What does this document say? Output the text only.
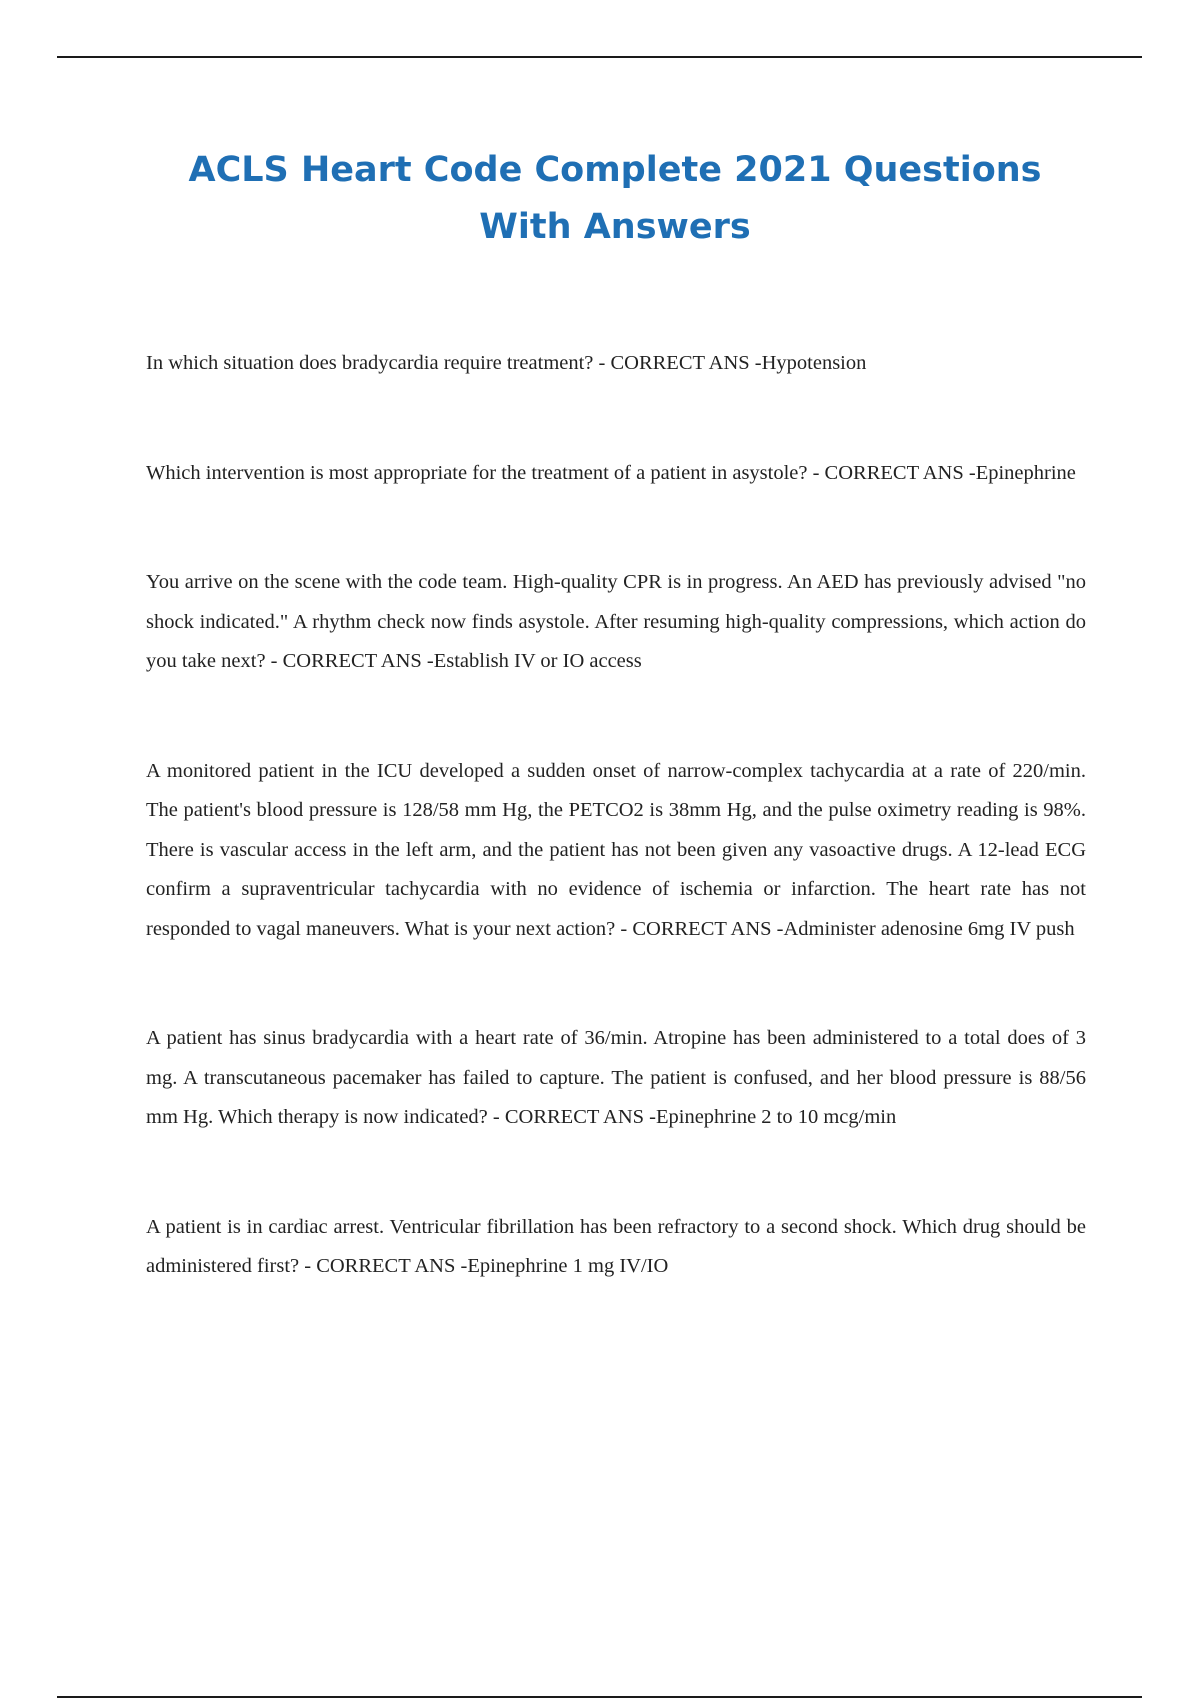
ACLS Heart Code Complete 2021 Questions With Answers

In which situation does bradycardia require treatment? - CORRECT ANS -Hypotension

Which intervention is most appropriate for the treatment of a patient in asystole? - CORRECT ANS -Epinephrine

You arrive on the scene with the code team. High-quality CPR is in progress. An AED has previously advised "no shock indicated." A rhythm check now finds asystole. After resuming high-quality compressions, which action do you take next? - CORRECT ANS -Establish IV or IO access

A monitored patient in the ICU developed a sudden onset of narrow-complex tachycardia at a rate of 220/min. The patient's blood pressure is 128/58 mm Hg, the PETCO2 is 38mm Hg, and the pulse oximetry reading is 98%. There is vascular access in the left arm, and the patient has not been given any vasoactive drugs. A 12-lead ECG confirm a supraventricular tachycardia with no evidence of ischemia or infarction. The heart rate has not responded to vagal maneuvers. What is your next action? - CORRECT ANS -Administer adenosine 6mg IV push

A patient has sinus bradycardia with a heart rate of 36/min. Atropine has been administered to a total does of 3 mg. A transcutaneous pacemaker has failed to capture. The patient is confused, and her blood pressure is 88/56 mm Hg. Which therapy is now indicated? - CORRECT ANS -Epinephrine 2 to 10 mcg/min

A patient is in cardiac arrest. Ventricular fibrillation has been refractory to a second shock. Which drug should be administered first? - CORRECT ANS -Epinephrine 1 mg IV/IO
